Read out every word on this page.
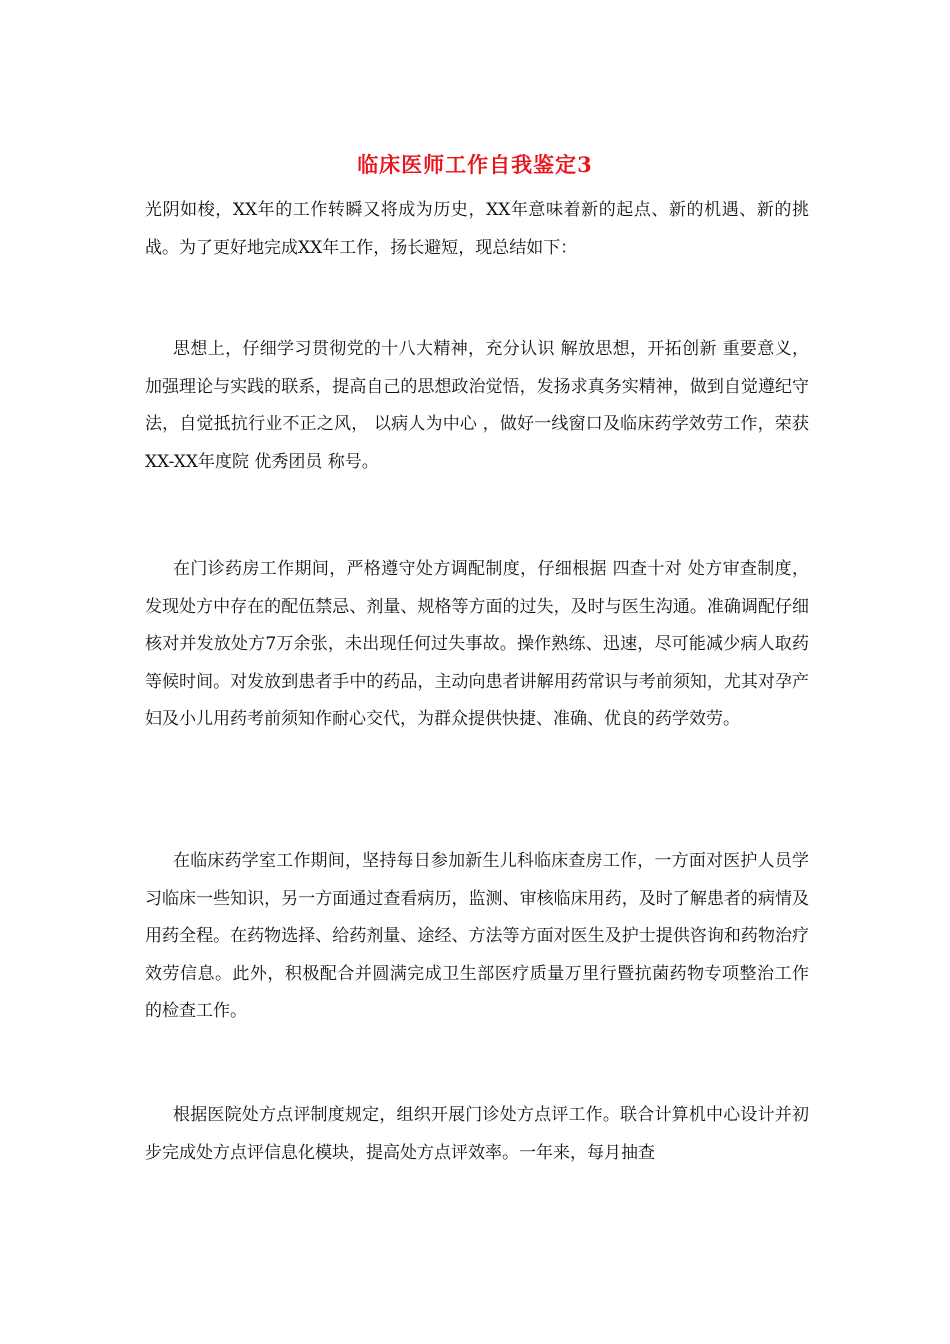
临床医师工作自我鉴定3

光阴如梭，XX年的工作转瞬又将成为历史，XX年意味着新的起点、新的机遇、新的挑战。为了更好地完成XX年工作，扬长避短，现总结如下：

思想上，仔细学习贯彻党的十八大精神，充分认识 解放思想，开拓创新 重要意义，加强理论与实践的联系，提高自己的思想政治觉悟，发扬求真务实精神，做到自觉遵纪守法，自觉抵抗行业不正之风， 以病人为中心 ，做好一线窗口及临床药学效劳工作，荣获XX-XX年度院 优秀团员 称号。

在门诊药房工作期间，严格遵守处方调配制度，仔细根据 四查十对 处方审查制度，发现处方中存在的配伍禁忌、剂量、规格等方面的过失，及时与医生沟通。准确调配仔细核对并发放处方7万余张，未出现任何过失事故。操作熟练、迅速，尽可能减少病人取药等候时间。对发放到患者手中的药品，主动向患者讲解用药常识与考前须知，尤其对孕产妇及小儿用药考前须知作耐心交代，为群众提供快捷、准确、优良的药学效劳。

在临床药学室工作期间，坚持每日参加新生儿科临床查房工作，一方面对医护人员学习临床一些知识，另一方面通过查看病历，监测、审核临床用药，及时了解患者的病情及用药全程。在药物选择、给药剂量、途经、方法等方面对医生及护士提供咨询和药物治疗效劳信息。此外，积极配合并圆满完成卫生部医疗质量万里行暨抗菌药物专项整治工作 的检查工作。

根据医院处方点评制度规定，组织开展门诊处方点评工作。联合计算机中心设计并初步完成处方点评信息化模块，提高处方点评效率。一年来，每月抽查
